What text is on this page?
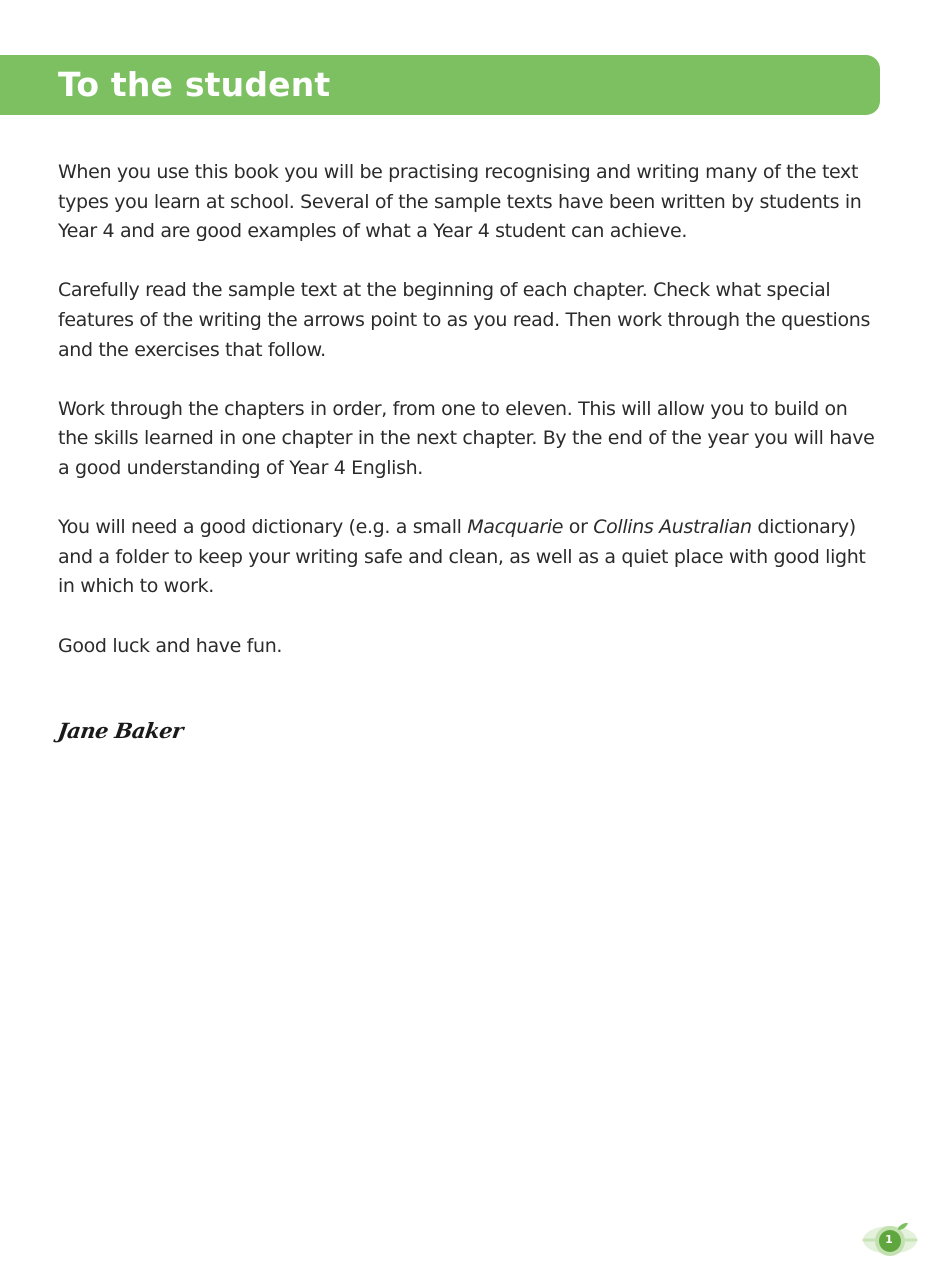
To the student

When you use this book you will be practising recognising and writing many of the text types you learn at school. Several of the sample texts have been written by students in Year 4 and are good examples of what a Year 4 student can achieve.

Carefully read the sample text at the beginning of each chapter. Check what special features of the writing the arrows point to as you read. Then work through the questions and the exercises that follow.

Work through the chapters in order, from one to eleven. This will allow you to build on the skills learned in one chapter in the next chapter. By the end of the year you will have a good understanding of Year 4 English.

You will need a good dictionary (e.g. a small Macquarie or Collins Australian dictionary) and a folder to keep your writing safe and clean, as well as a quiet place with good light in which to work.

Good luck and have fun.

Jane Baker
1
